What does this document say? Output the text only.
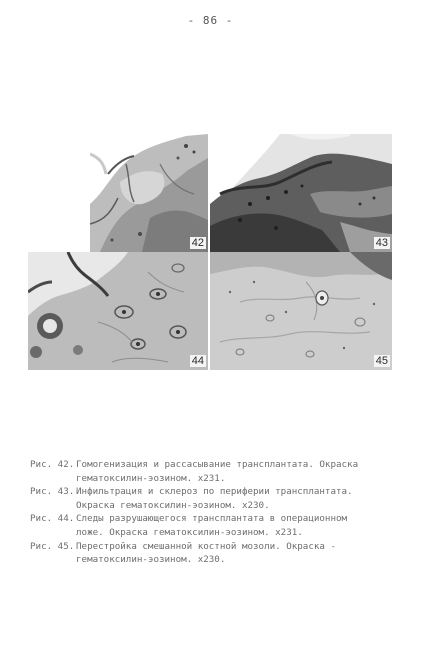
- 86 -
42	43
44	45
Рис. 42. Гомогенизация и рассасывание трансплантата. Окраска
гематоксилин-эозином. х231.
Рис. 43. Инфильтрация и склероз по периферии трансплантата.
Окраска гематоксилин-эозином. х230.
Рис. 44. Следы разрушающегося трансплантата в операционном
ложе. Окраска гематоксилин-эозином. х231.
Рис. 45. Перестройка смешанной костной мозоли. Окраска -
гематоксилин-эозином. х230.
